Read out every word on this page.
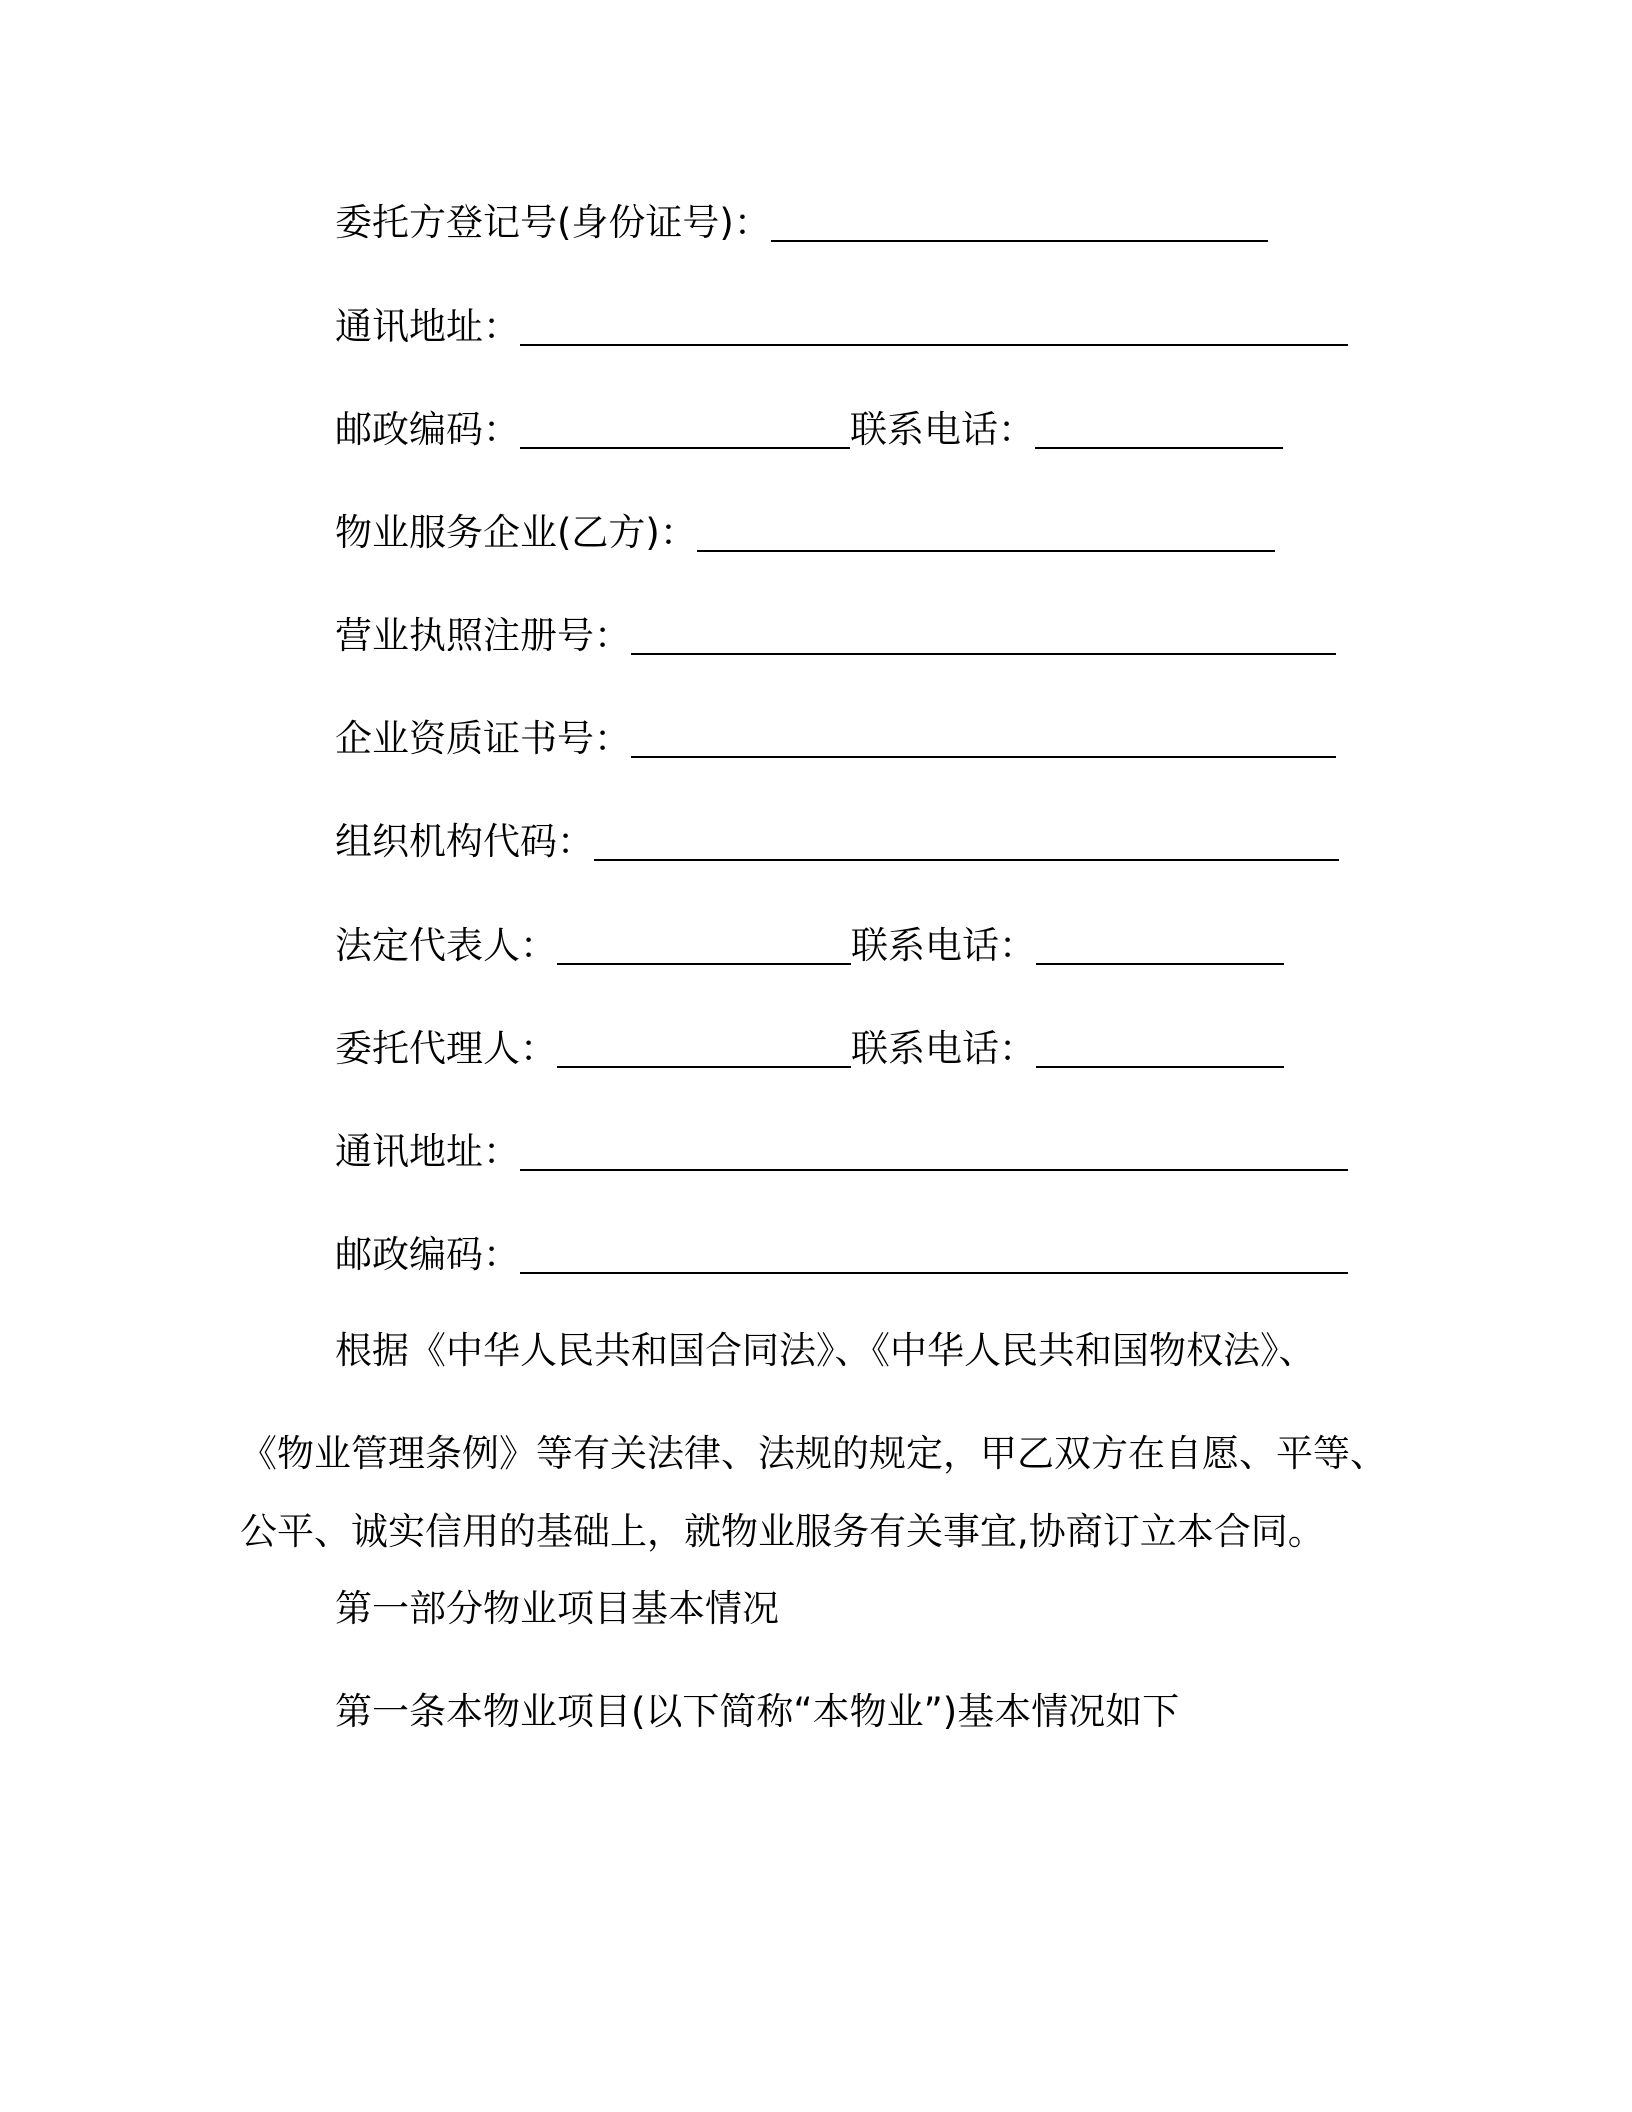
委托方登记号(身份证号)：
通讯地址：
邮政编码：	联系电话：
物业服务企业(乙方)：
营业执照注册号：
企业资质证书号：
组织机构代码：
法定代表人：	联系电话：
委托代理人：	联系电话：
通讯地址：
邮政编码：
根据《中华人民共和国合同法》、《中华人民共和国物权法》、
《物业管理条例》等有关法律、法规的规定，甲乙双方在自愿、平等、
公平、诚实信用的基础上，就物业服务有关事宜,协商订立本合同。
第一部分物业项目基本情况
第一条本物业项目(以下简称“本物业”)基本情况如下
